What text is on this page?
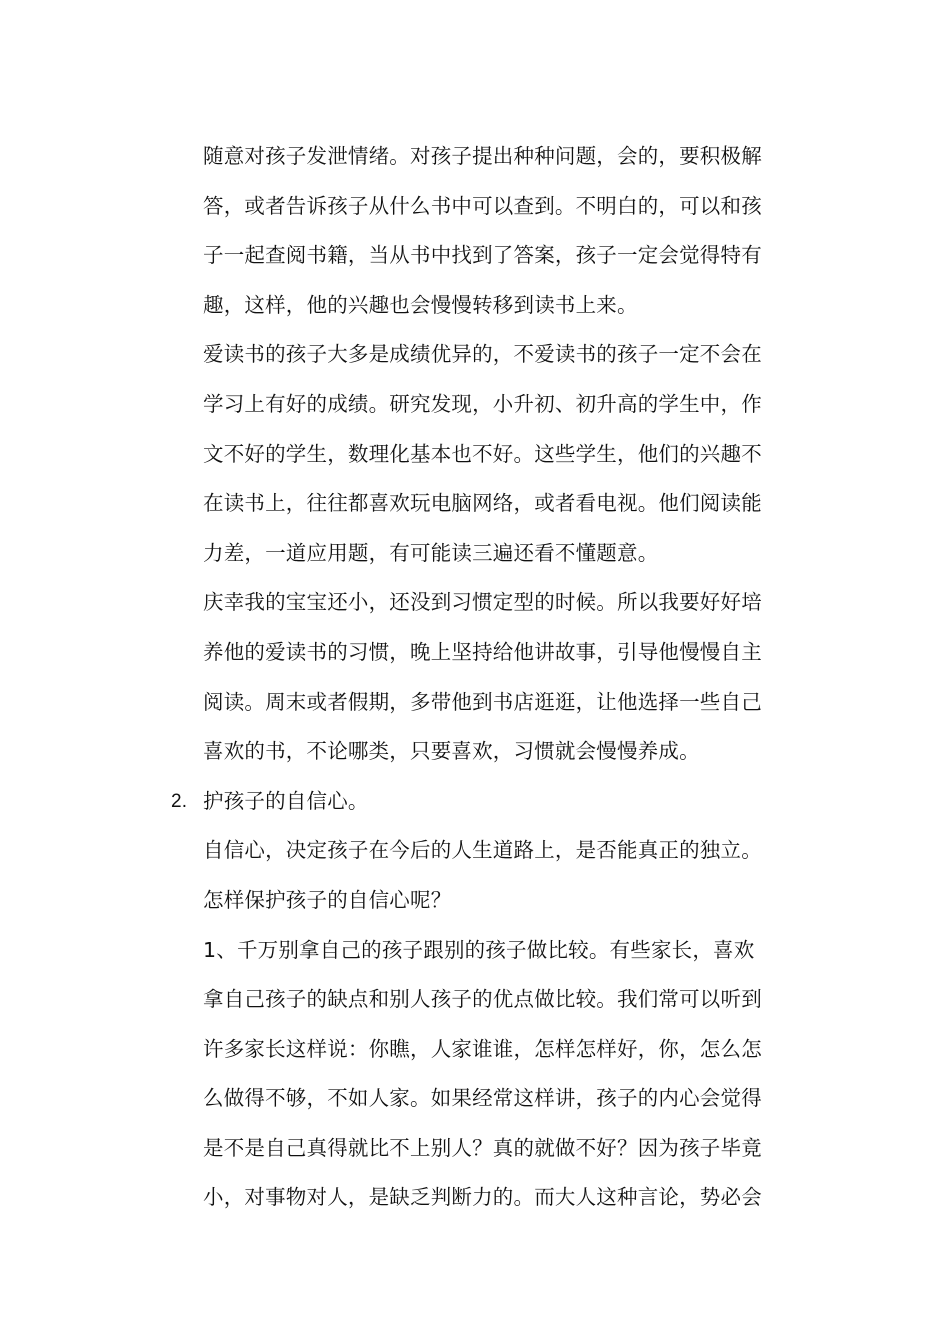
随意对孩子发泄情绪。对孩子提出种种问题，会的，要积极解
答，或者告诉孩子从什么书中可以查到。不明白的，可以和孩
子一起查阅书籍，当从书中找到了答案，孩子一定会觉得特有
趣，这样，他的兴趣也会慢慢转移到读书上来。
爱读书的孩子大多是成绩优异的，不爱读书的孩子一定不会在
学习上有好的成绩。研究发现，小升初、初升高的学生中，作
文不好的学生，数理化基本也不好。这些学生，他们的兴趣不
在读书上，往往都喜欢玩电脑网络，或者看电视。他们阅读能
力差，一道应用题，有可能读三遍还看不懂题意。
庆幸我的宝宝还小，还没到习惯定型的时候。所以我要好好培
养他的爱读书的习惯，晚上坚持给他讲故事，引导他慢慢自主
阅读。周末或者假期，多带他到书店逛逛，让他选择一些自己
喜欢的书，不论哪类，只要喜欢，习惯就会慢慢养成。
2. 护孩子的自信心。
自信心，决定孩子在今后的人生道路上，是否能真正的独立。
怎样保护孩子的自信心呢？
1、千万别拿自己的孩子跟别的孩子做比较。有些家长，喜欢
拿自己孩子的缺点和别人孩子的优点做比较。我们常可以听到
许多家长这样说：你瞧，人家谁谁，怎样怎样好，你，怎么怎
么做得不够，不如人家。如果经常这样讲，孩子的内心会觉得
是不是自己真得就比不上别人？真的就做不好？因为孩子毕竟
小，对事物对人，是缺乏判断力的。而大人这种言论，势必会
